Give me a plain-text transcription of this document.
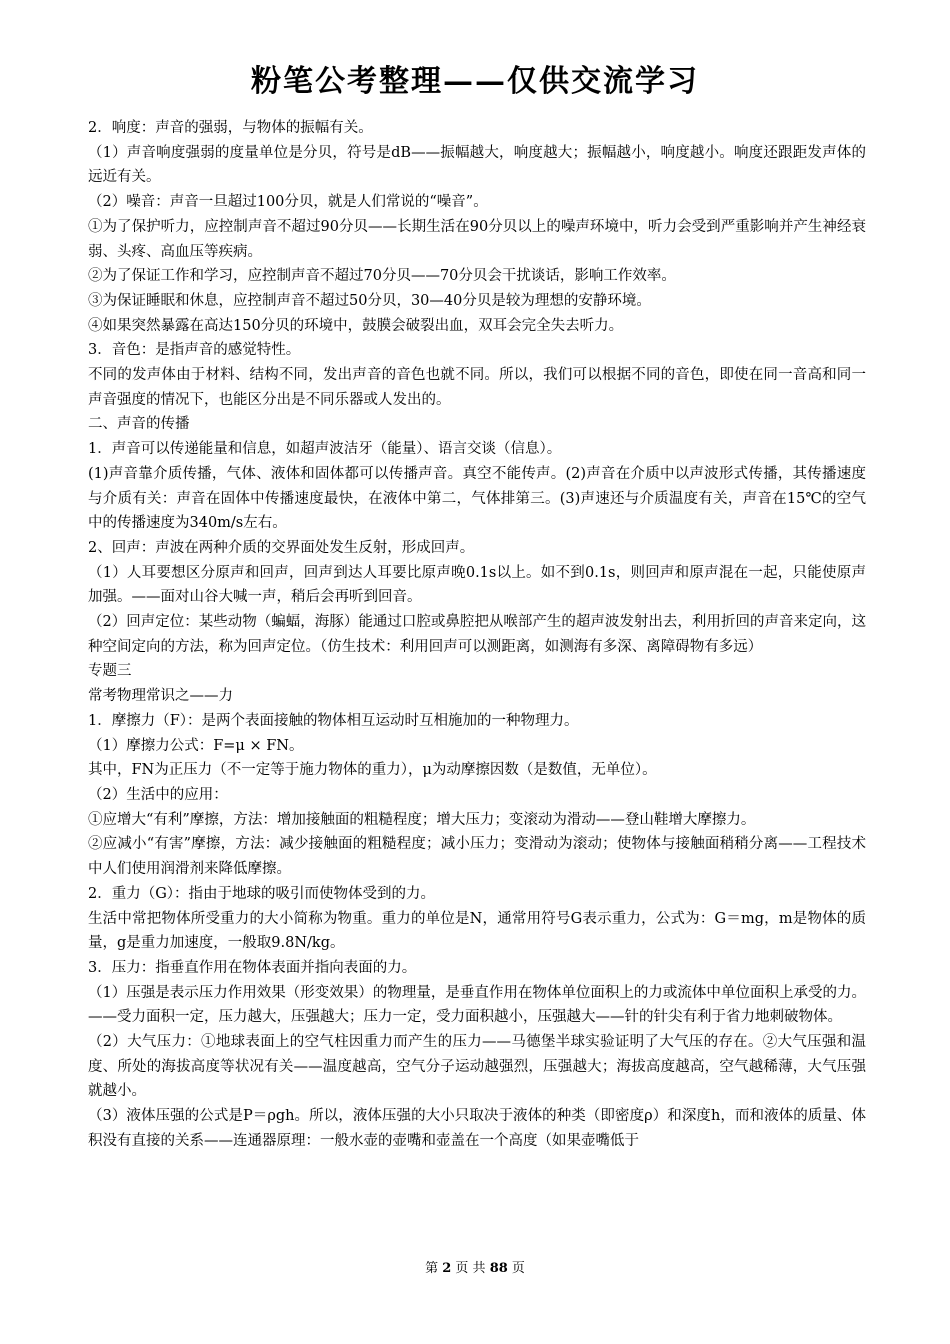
粉笔公考整理——仅供交流学习

2．响度：声音的强弱，与物体的振幅有关。

（1）声音响度强弱的度量单位是分贝，符号是dB——振幅越大，响度越大；振幅越小，响度越小。响度还跟距发声体的远近有关。

（2）噪音：声音一旦超过100分贝，就是人们常说的“噪音”。

①为了保护听力，应控制声音不超过90分贝——长期生活在90分贝以上的噪声环境中，听力会受到严重影响并产生神经衰弱、头疼、高血压等疾病。

②为了保证工作和学习，应控制声音不超过70分贝——70分贝会干扰谈话，影响工作效率。

③为保证睡眠和休息，应控制声音不超过50分贝，30—40分贝是较为理想的安静环境。

④如果突然暴露在高达150分贝的环境中，鼓膜会破裂出血，双耳会完全失去听力。

3．音色：是指声音的感觉特性。

不同的发声体由于材料、结构不同，发出声音的音色也就不同。所以，我们可以根据不同的音色，即使在同一音高和同一声音强度的情况下，也能区分出是不同乐器或人发出的。

二、声音的传播

1．声音可以传递能量和信息，如超声波洁牙（能量）、语言交谈（信息）。

(1)声音靠介质传播，气体、液体和固体都可以传播声音。真空不能传声。(2)声音在介质中以声波形式传播，其传播速度与介质有关：声音在固体中传播速度最快，在液体中第二，气体排第三。(3)声速还与介质温度有关，声音在15℃的空气中的传播速度为340m/s左右。

2、回声：声波在两种介质的交界面处发生反射，形成回声。

（1）人耳要想区分原声和回声，回声到达人耳要比原声晚0.1s以上。如不到0.1s，则回声和原声混在一起，只能使原声加强。——面对山谷大喊一声，稍后会再听到回音。

（2）回声定位：某些动物（蝙蝠，海豚）能通过口腔或鼻腔把从喉部产生的超声波发射出去，利用折回的声音来定向，这种空间定向的方法，称为回声定位。（仿生技术：利用回声可以测距离，如测海有多深、离障碍物有多远）

专题三

常考物理常识之——力

1．摩擦力（F）：是两个表面接触的物体相互运动时互相施加的一种物理力。

（1）摩擦力公式：F=μ × FN。

其中，FN为正压力（不一定等于施力物体的重力），μ为动摩擦因数（是数值，无单位）。

（2）生活中的应用：

①应增大“有利”摩擦，方法：增加接触面的粗糙程度；增大压力；变滚动为滑动——登山鞋增大摩擦力。

②应减小“有害”摩擦，方法：减少接触面的粗糙程度；减小压力；变滑动为滚动；使物体与接触面稍稍分离——工程技术中人们使用润滑剂来降低摩擦。

2．重力（G）：指由于地球的吸引而使物体受到的力。

生活中常把物体所受重力的大小简称为物重。重力的单位是N，通常用符号G表示重力，公式为：G＝mg，m是物体的质量，g是重力加速度，一般取9.8N/kg。

3．压力：指垂直作用在物体表面并指向表面的力。

（1）压强是表示压力作用效果（形变效果）的物理量，是垂直作用在物体单位面积上的力或流体中单位面积上承受的力。——受力面积一定，压力越大，压强越大；压力一定，受力面积越小，压强越大——针的针尖有利于省力地刺破物体。

（2）大气压力：①地球表面上的空气柱因重力而产生的压力——马德堡半球实验证明了大气压的存在。②大气压强和温度、所处的海拔高度等状况有关——温度越高，空气分子运动越强烈，压强越大；海拔高度越高，空气越稀薄，大气压强就越小。

（3）液体压强的公式是P＝ρgh。所以，液体压强的大小只取决于液体的种类（即密度ρ）和深度h，而和液体的质量、体积没有直接的关系——连通器原理：一般水壶的壶嘴和壶盖在一个高度（如果壶嘴低于

第 2 页 共 88 页
